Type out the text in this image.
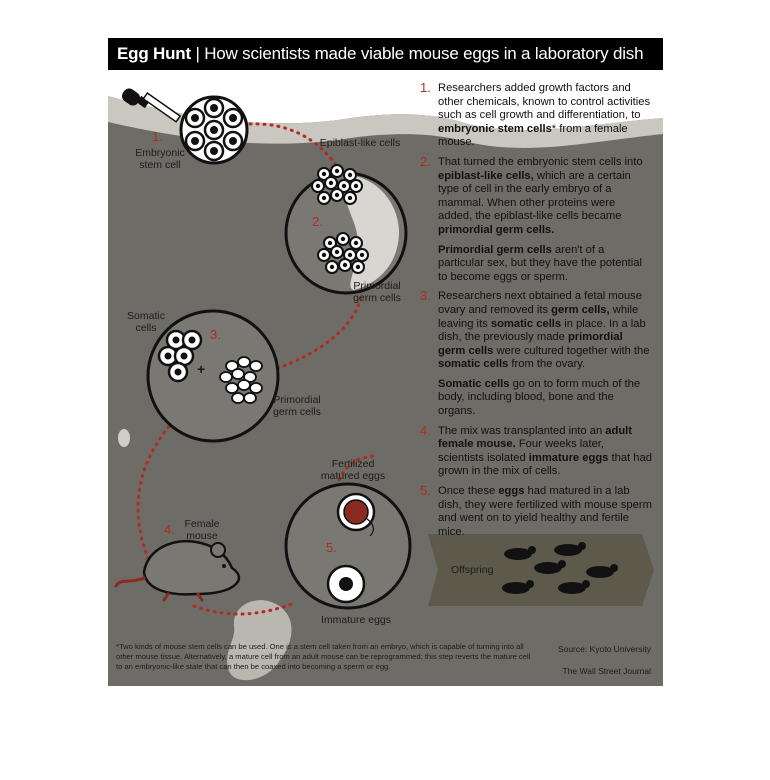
Egg Hunt | How scientists made viable mouse eggs in a laboratory dish
1.
Embryonic stem cell
Epiblast-like cells
2.
Primordial germ cells
Somatic cells	3.
+
Primordial germ cells
Fertilized matured eggs
4. Female mouse
5.
Immature eggs
Offspring
1. Researchers added growth factors and other chemicals, known to control activities such as cell growth and differentiation, to embryonic stem cells* from a female mouse.
2. That turned the embryonic stem cells into epiblast-like cells, which are a certain type of cell in the early embryo of a mammal. When other proteins were added, the epiblast-like cells became primordial germ cells.
Primordial germ cells aren't of a particular sex, but they have the potential to become eggs or sperm.
3. Researchers next obtained a fetal mouse ovary and removed its germ cells, while leaving its somatic cells in place. In a lab dish, the previously made primordial germ cells were cultured together with the somatic cells from the ovary.
Somatic cells go on to form much of the body, including blood, bone and the organs.
4. The mix was transplanted into an adult female mouse. Four weeks later, scientists isolated immature eggs that had grown in the mix of cells.
5. Once these eggs had matured in a lab dish, they were fertilized with mouse sperm and went on to yield healthy and fertile mice.
*Two kinds of mouse stem cells can be used. One is a stem cell taken from an embryo, which is capable of turning into all other mouse tissue. Alternatively, a mature cell from an adult mouse can be reprogrammed; this step reverts the mature cell to an embryonic-like state that can then be coaxed into becoming a sperm or egg.
Source: Kyoto University
The Wall Street Journal
